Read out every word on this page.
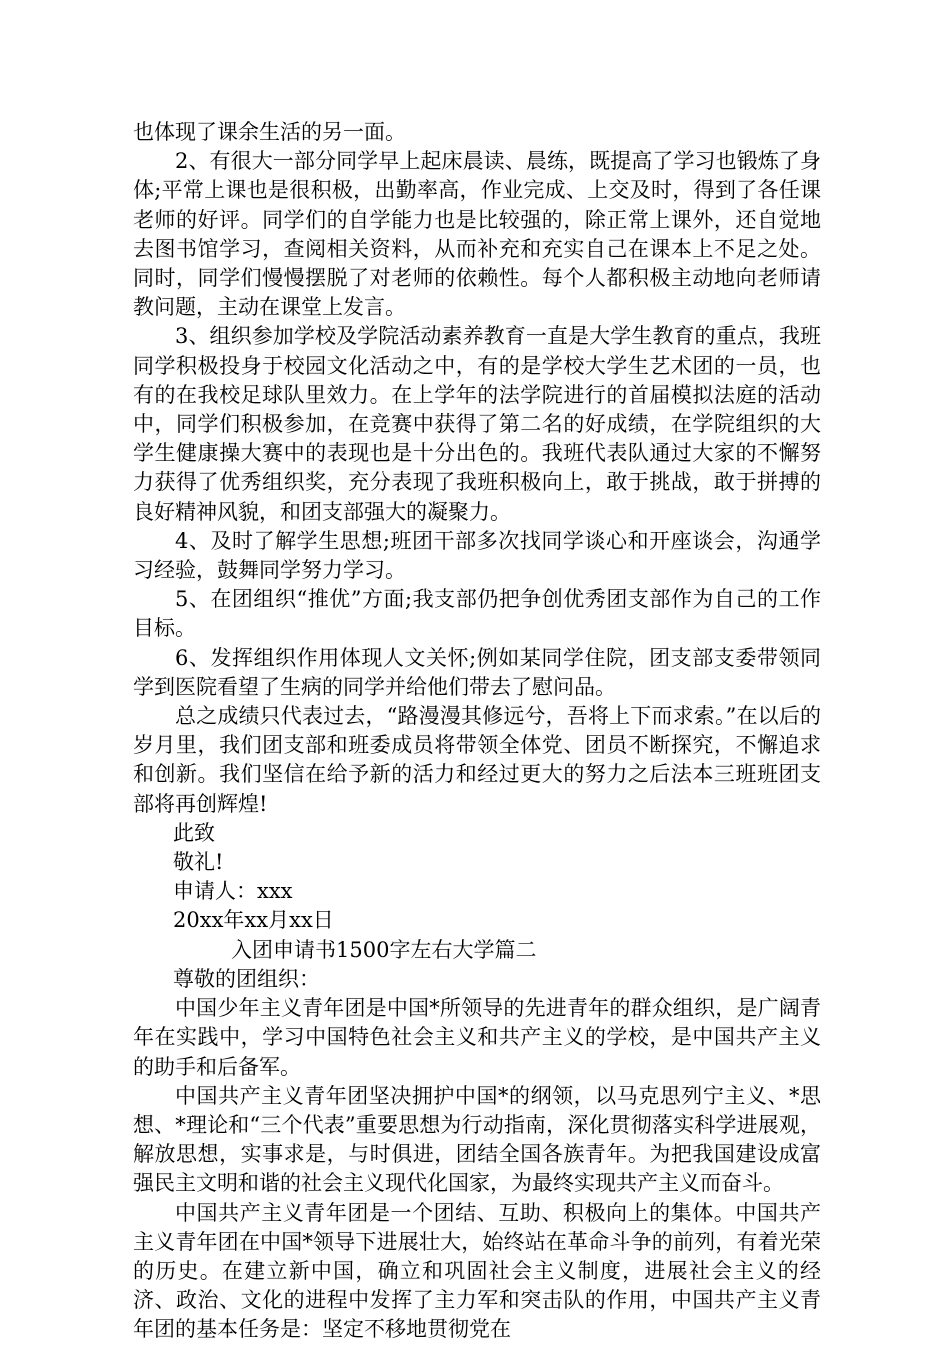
也体现了课余生活的另一面。

2、有很大一部分同学早上起床晨读、晨练，既提高了学习也锻炼了身体;平常上课也是很积极，出勤率高，作业完成、上交及时，得到了各任课老师的好评。同学们的自学能力也是比较强的，除正常上课外，还自觉地去图书馆学习，查阅相关资料，从而补充和充实自己在课本上不足之处。同时，同学们慢慢摆脱了对老师的依赖性。每个人都积极主动地向老师请教问题，主动在课堂上发言。

3、组织参加学校及学院活动素养教育一直是大学生教育的重点，我班同学积极投身于校园文化活动之中，有的是学校大学生艺术团的一员，也有的在我校足球队里效力。在上学年的法学院进行的首届模拟法庭的活动中，同学们积极参加，在竞赛中获得了第二名的好成绩，在学院组织的大学生健康操大赛中的表现也是十分出色的。我班代表队通过大家的不懈努力获得了优秀组织奖，充分表现了我班积极向上，敢于挑战，敢于拼搏的良好精神风貌，和团支部强大的凝聚力。

4、及时了解学生思想;班团干部多次找同学谈心和开座谈会，沟通学习经验，鼓舞同学努力学习。

5、在团组织“推优”方面;我支部仍把争创优秀团支部作为自己的工作目标。

6、发挥组织作用体现人文关怀;例如某同学住院，团支部支委带领同学到医院看望了生病的同学并给他们带去了慰问品。

总之成绩只代表过去，“路漫漫其修远兮，吾将上下而求索。”在以后的岁月里，我们团支部和班委成员将带领全体党、团员不断探究，不懈追求和创新。我们坚信在给予新的活力和经过更大的努力之后法本三班班团支部将再创辉煌!

此致

敬礼!

申请人：xxx

20xx年xx月xx日

入团申请书1500字左右大学篇二

尊敬的团组织：

中国少年主义青年团是中国*所领导的先进青年的群众组织，是广阔青年在实践中，学习中国特色社会主义和共产主义的学校，是中国共产主义的助手和后备军。

中国共产主义青年团坚决拥护中国*的纲领，以马克思列宁主义、*思想、*理论和“三个代表”重要思想为行动指南，深化贯彻落实科学进展观，解放思想，实事求是，与时俱进，团结全国各族青年。为把我国建设成富强民主文明和谐的社会主义现代化国家，为最终实现共产主义而奋斗。

中国共产主义青年团是一个团结、互助、积极向上的集体。中国共产主义青年团在中国*领导下进展壮大，始终站在革命斗争的前列，有着光荣的历史。在建立新中国，确立和巩固社会主义制度，进展社会主义的经济、政治、文化的进程中发挥了主力军和突击队的作用，中国共产主义青年团的基本任务是：坚定不移地贯彻党在
